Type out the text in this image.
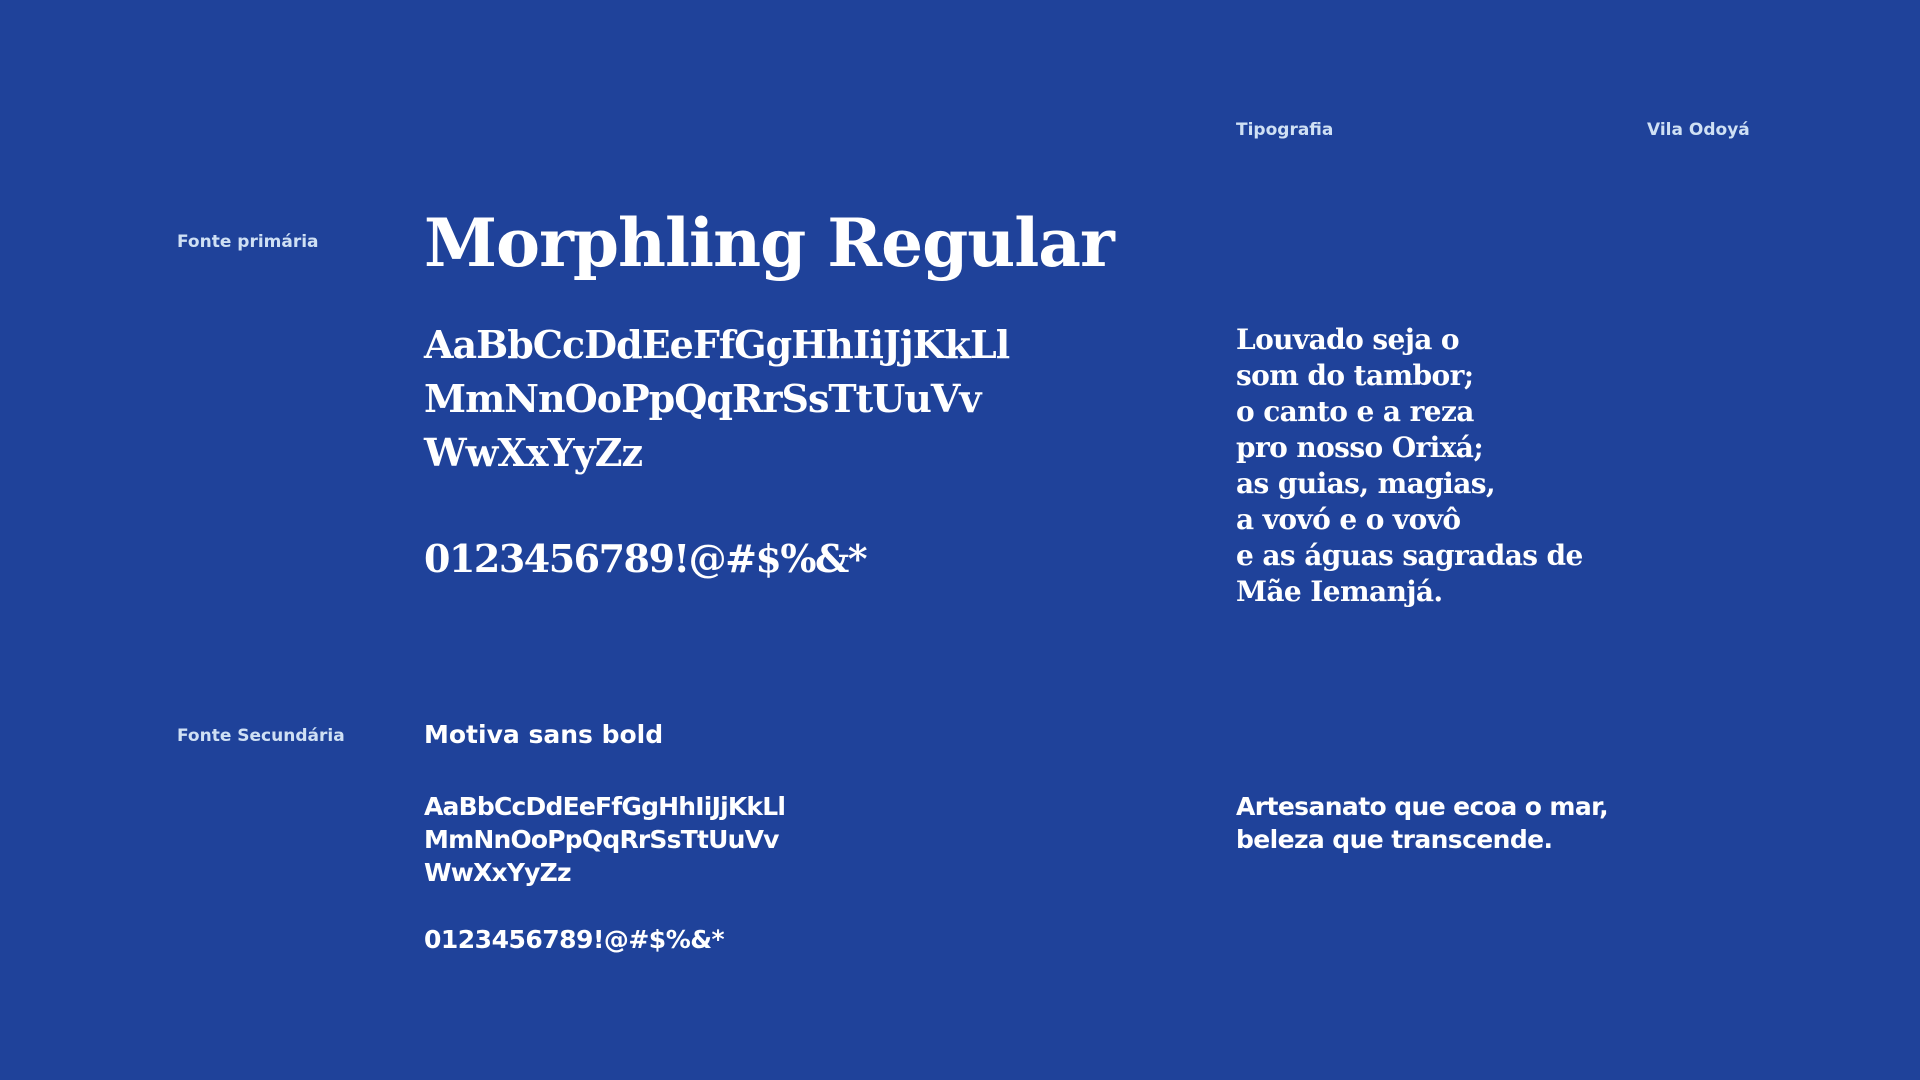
Tipografia	Vila Odoyá
Fonte primária Morphling Regular
AaBbCcDdEeFfGgHhIiJjKkLl
MmNnOoPpQqRrSsTtUuVv
WwXxYyZz
0123456789!@#$%&*
Louvado seja o
som do tambor;
o canto e a reza
pro nosso Orixá;
as guias, magias,
a vovó e o vovô
e as águas sagradas de
Mãe Iemanjá.
Fonte Secundária	Motiva sans bold
AaBbCcDdEeFfGgHhIiJjKkLl
MmNnOoPpQqRrSsTtUuVv
WwXxYyZz
0123456789!@#$%&*
Artesanato que ecoa o mar,
beleza que transcende.
